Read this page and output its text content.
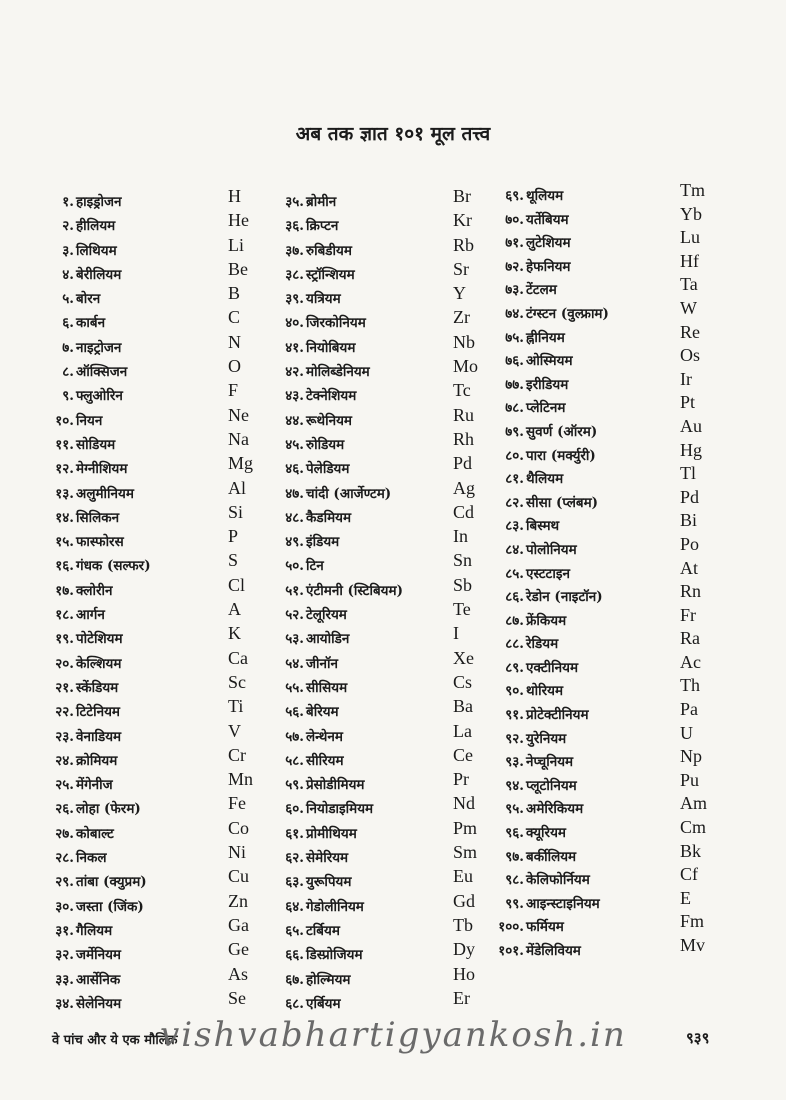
अब तक ज्ञात १०१ मूल तत्त्व
१. हाइड्रोजन	H
२. हीलियम	He
३. लिथियम	Li
४. बेरीलियम	Be
५. बोरन	B
६. कार्बन	C
७. नाइट्रोजन	N
८. ऑक्सिजन	O
९. फ्लुओरिन	F
१०. नियन	Ne
११. सोडियम	Na
१२. मेग्नीशियम	Mg
१३. अलुमीनियम	Al
१४. सिलिकन	Si
१५. फास्फोरस	P
१६. गंधक (सल्फर)	S
१७. क्लोरीन	Cl
१८. आर्गन	A
१९. पोटेशियम	K
२०. केल्शियम	Ca
२१. स्केंडियम	Sc
२२. टिटेनियम	Ti
२३. वेनाडियम	V
२४. क्रोमियम	Cr
२५. मेंगेनीज	Mn
२६. लोहा (फेरम)	Fe
२७. कोबाल्ट	Co
२८. निकल	Ni
२९. तांबा (क्युप्रम)	Cu
३०. जस्ता (जिंक)	Zn
३१. गैलियम	Ga
३२. जर्मेनियम	Ge
३३. आर्सेनिक	As
३४. सेलेनियम	Se
३५. ब्रोमीन	Br
३६. क्रिप्टन	Kr
३७. रुबिडीयम	Rb
३८. स्ट्रॉन्शियम	Sr
३९. यत्रियम	Y
४०. जिरकोनियम	Zr
४१. नियोबियम	Nb
४२. मोलिब्डेनियम	Mo
४३. टेक्नेशियम	Tc
४४. रूथेनियम	Ru
४५. रुोडियम	Rh
४६. पेलेडियम	Pd
४७. चांदी (आर्जेण्टम)	Ag
४८. कैडमियम	Cd
४९. इंडियम	In
५०. टिन	Sn
५१. एंटीमनी (स्टिबियम)	Sb
५२. टेलूरियम	Te
५३. आयोडिन	I
५४. जीनॉन	Xe
५५. सीसियम	Cs
५६. बेरियम	Ba
५७. लेन्थेनम	La
५८. सीरियम	Ce
५९. प्रेसोडीमियम	Pr
६०. नियोडाइमियम	Nd
६१. प्रोमीथियम	Pm
६२. सेमेरियम	Sm
६३. युरूपियम	Eu
६४. गेडोलीनियम	Gd
६५. टर्बियम	Tb
६६. डिस्प्रोजियम	Dy
६७. होल्मियम	Ho
६८. एर्बियम	Er
६९. थूलियम	Tm
७०. यर्तेबियम	Yb
७१. लुटेशियम	Lu
७२. हेफनियम	Hf
७३. टेंटलम	Ta
७४. टंग्स्टन (वुल्फ्राम)	W
७५. ह्नीनियम	Re
७६. ओस्मियम	Os
७७. इरीडियम	Ir
७८. प्लेटिनम	Pt
७९. सुवर्ण (ऑरम)	Au
८०. पारा (मर्क्युरी)	Hg
८१. थैलियम	Tl
८२. सीसा (प्लंबम)	Pd
८३. बिस्मथ	Bi
८४. पोलोनियम	Po
८५. एस्टटाइन	At
८६. रेडोन (नाइटॉन)	Rn
८७. फ्रेंकियम	Fr
८८. रेडियम	Ra
८९. एक्टीनियम	Ac
९०. थोरियम	Th
९१. प्रोटेक्टीनियम	Pa
९२. युरेनियम	U
९३. नेप्चूनियम	Np
९४. प्लूटोनियम	Pu
९५. अमेरिकियम	Am
९६. क्यूरियम	Cm
९७. बर्कीलियम	Bk
९८. केलिफोर्नियम	Cf
९९. आइन्स्टाइनियम	E
१००. फर्मियम	Fm
१०१. मेंडेलिवियम	Mv
वे पांच और ये एक मौलिक
vishvabhartigyankosh.in	९३९
